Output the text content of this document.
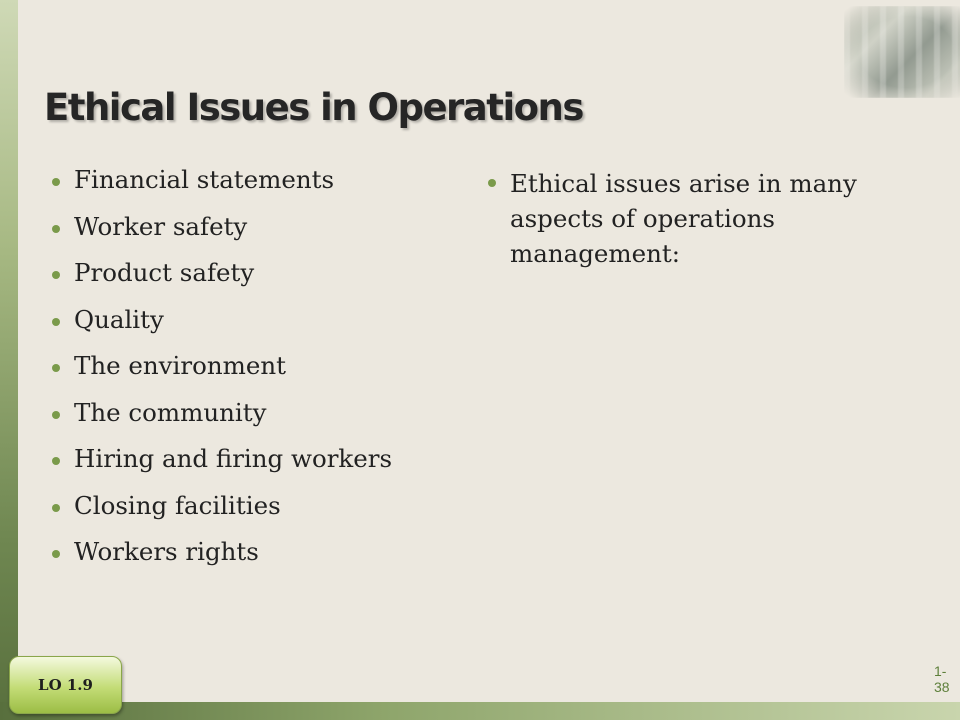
Ethical Issues in Operations
Financial statements
Worker safety
Product safety
Quality
The environment
The community
Hiring and firing workers
Closing facilities
Workers rights
Ethical issues arise in many aspects of operations management:
1-38
LO 1.9
